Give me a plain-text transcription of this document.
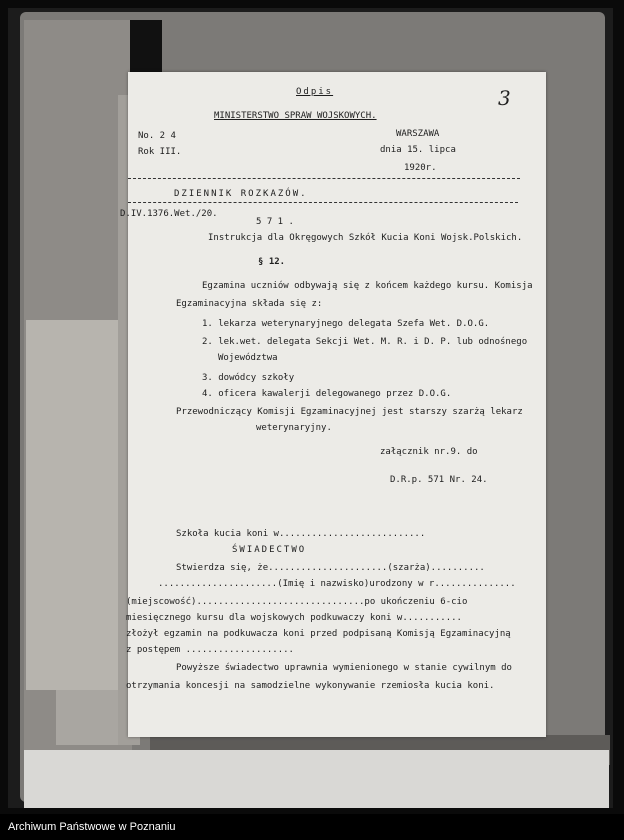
3
Odpis
MINISTERSTWO SPRAW WOJSKOWYCH.
No. 2 4
Rok III.
WARSZAWA
dnia 15. lipca
1920r.
DZIENNIK ROZKAZÓW.
D.IV.1376.Wet./20.
5 7 1 .
Instrukcja dla Okręgowych Szkół Kucia Koni Wojsk.Polskich.
§ 12.
Egzamina uczniów odbywają się z końcem każdego kursu. Komisja
Egzaminacyjna składa się z:
1. lekarza weterynaryjnego delegata Szefa Wet. D.O.G.
2. lek.wet. delegata Sekcji Wet. M. R. i D. P. lub odnośnego
Województwa
3. dowódcy szkoły
4. oficera kawalerji delegowanego przez D.O.G.
Przewodniczący Komisji Egzaminacyjnej jest starszy szarżą lekarz
weterynaryjny.
załącznik nr.9. do
D.R.p. 571 Nr. 24.
Szkoła kucia koni w...........................
ŚWIADECTWO
Stwierdza się, że......................(szarża)..........
......................(Imię i nazwisko)urodzony w r...............
(miejscowość)...............................po ukończeniu 6-cio
miesięcznego kursu dla wojskowych podkuwaczy koni w...........
złożył egzamin na podkuwacza koni przed podpisaną Komisją Egzaminacyjną
z postępem ....................
Powyższe świadectwo uprawnia wymienionego w stanie cywilnym do
otrzymania koncesji na samodzielne wykonywanie rzemiosła kucia koni.
Archiwum Państwowe w Poznaniu
